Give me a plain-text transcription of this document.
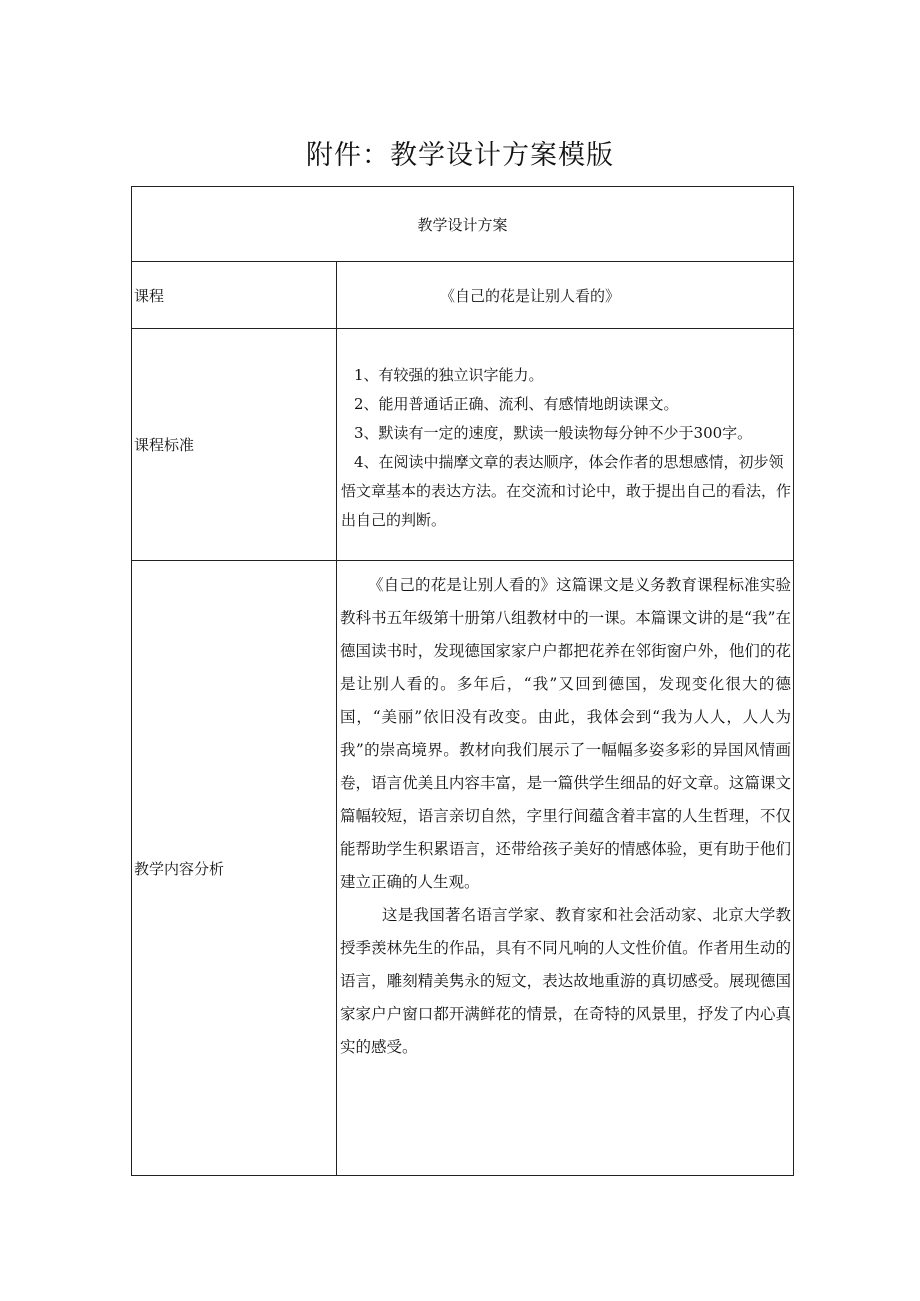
附件：教学设计方案模版
教学设计方案	
课程	《自己的花是让别人看的》
课程标准	1、有较强的独立识字能力。

2、能用普通话正确、流利、有感情地朗读课文。

3、默读有一定的速度，默读一般读物每分钟不少于300字。

4、在阅读中揣摩文章的表达顺序，体会作者的思想感情，初步领悟文章基本的表达方法。在交流和讨论中，敢于提出自己的看法，作出自己的判断。

教学内容分析	《自己的花是让别人看的》这篇课文是义务教育课程标准实验教科书五年级第十册第八组教材中的一课。本篇课文讲的是“我”在德国读书时，发现德国家家户户都把花养在邻街窗户外，他们的花是让别人看的。多年后，“我”又回到德国，发现变化很大的德国，“美丽”依旧没有改变。由此，我体会到“我为人人，人人为我”的崇高境界。教材向我们展示了一幅幅多姿多彩的异国风情画卷，语言优美且内容丰富，是一篇供学生细品的好文章。这篇课文篇幅较短，语言亲切自然，字里行间蕴含着丰富的人生哲理，不仅能帮助学生积累语言，还带给孩子美好的情感体验，更有助于他们建立正确的人生观。

这是我国著名语言学家、教育家和社会活动家、北京大学教授季羡林先生的作品，具有不同凡响的人文性价值。作者用生动的语言，雕刻精美隽永的短文，表达故地重游的真切感受。展现德国家家户户窗口都开满鲜花的情景，在奇特的风景里，抒发了内心真实的感受。
